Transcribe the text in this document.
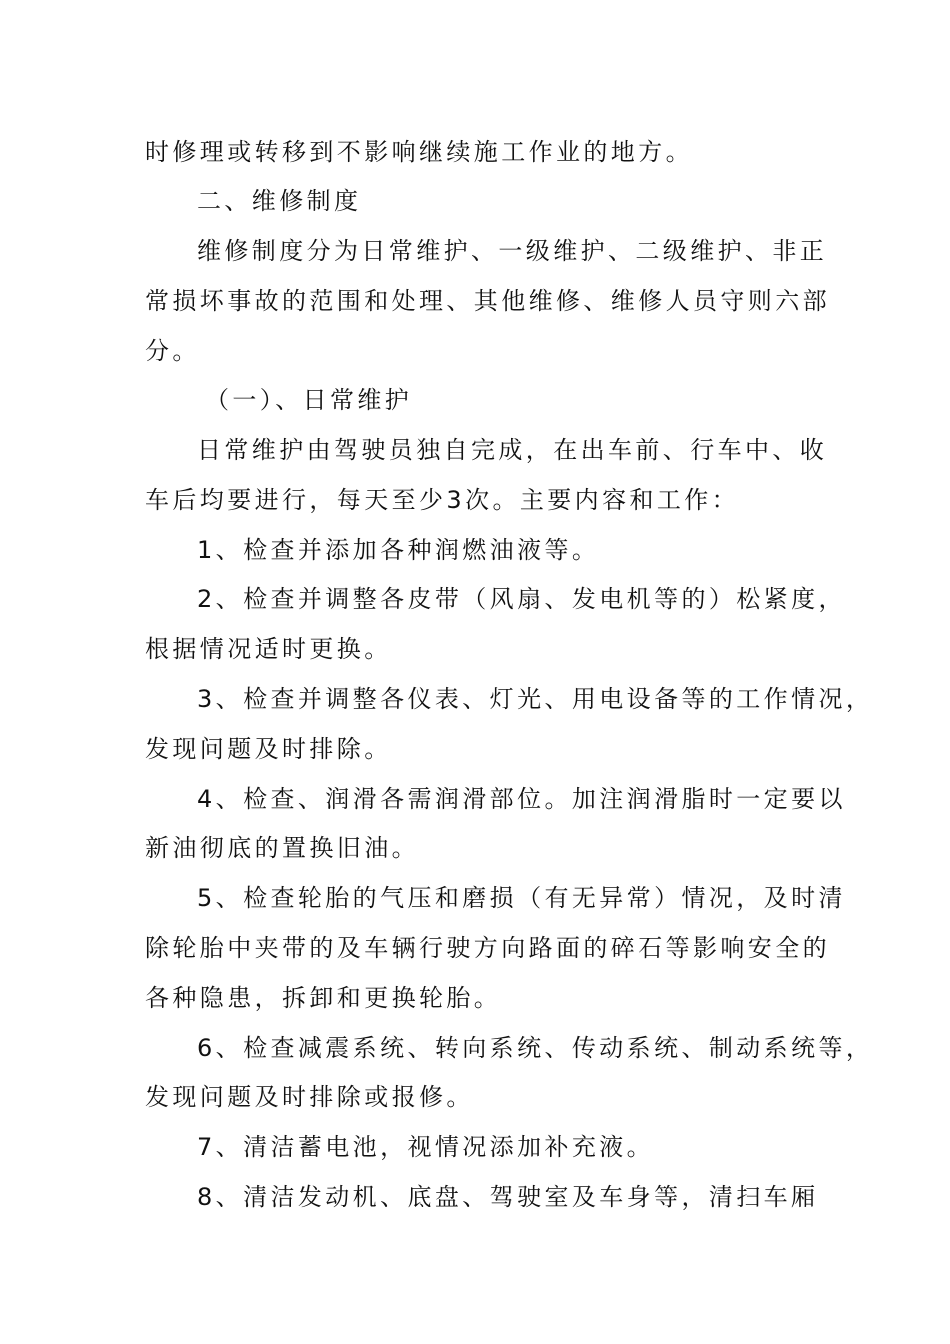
时修理或转移到不影响继续施工作业的地方。

二、维修制度

维修制度分为日常维护、一级维护、二级维护、非正

常损坏事故的范围和处理、其他维修、维修人员守则六部

分。

（一）、日常维护

日常维护由驾驶员独自完成，在出车前、行车中、收

车后均要进行，每天至少3次。主要内容和工作：

1、检查并添加各种润燃油液等。

2、检查并调整各皮带（风扇、发电机等的）松紧度，

根据情况适时更换。

3、检查并调整各仪表、灯光、用电设备等的工作情况，

发现问题及时排除。

4、检查、润滑各需润滑部位。加注润滑脂时一定要以

新油彻底的置换旧油。

5、检查轮胎的气压和磨损（有无异常）情况，及时清

除轮胎中夹带的及车辆行驶方向路面的碎石等影响安全的

各种隐患，拆卸和更换轮胎。

6、检查减震系统、转向系统、传动系统、制动系统等，

发现问题及时排除或报修。

7、清洁蓄电池，视情况添加补充液。

8、清洁发动机、底盘、驾驶室及车身等，清扫车厢
